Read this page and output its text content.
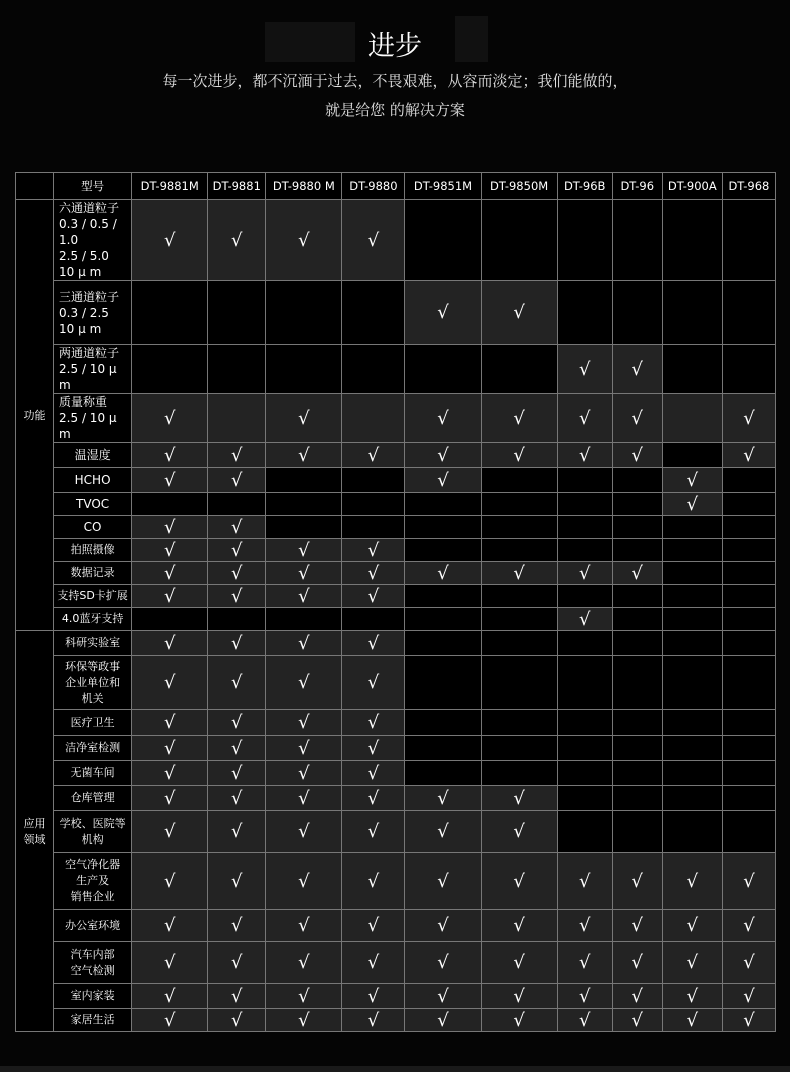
进步
每一次进步，都不沉湎于过去，不畏艰难，从容而淡定；我们能做的，
就是给您 的解决方案
	型号	DT-9881M	DT-9881	DT-9880 M	DT-9880	DT-9851M	DT-9850M	DT-96B	DT-96	DT-900A	DT-968
功能	六通道粒子
0.3 / 0.5 / 1.0
2.5 / 5.0
10 μ m	√	√	√	√						
	三通道粒子
0.3 / 2.5
10 μ m					√	√				
	两通道粒子
2.5 / 10 μ m							√	√		
	质量称重
2.5 / 10 μ m	√		√		√	√	√	√		√
	温湿度	√	√	√	√	√	√	√	√		√
	HCHO	√	√			√				√	
	TVOC									√	
	CO	√	√								
	拍照摄像	√	√	√	√						
	数据记录	√	√	√	√	√	√	√	√		
	支持SD卡扩展	√	√	√	√						
	4.0蓝牙支持							√			
应用
领域	科研实验室	√	√	√	√						
	环保等政事
企业单位和
机关	√	√	√	√						
	医疗卫生	√	√	√	√						
	洁净室检测	√	√	√	√						
	无菌车间	√	√	√	√						
	仓库管理	√	√	√	√	√	√				
	学校、医院等
机构	√	√	√	√	√	√				
	空气净化器
生产及
销售企业	√	√	√	√	√	√	√	√	√	√
	办公室环境	√	√	√	√	√	√	√	√	√	√
	汽车内部
空气检测	√	√	√	√	√	√	√	√	√	√
	室内家装	√	√	√	√	√	√	√	√	√	√
	家居生活	√	√	√	√	√	√	√	√	√	√
